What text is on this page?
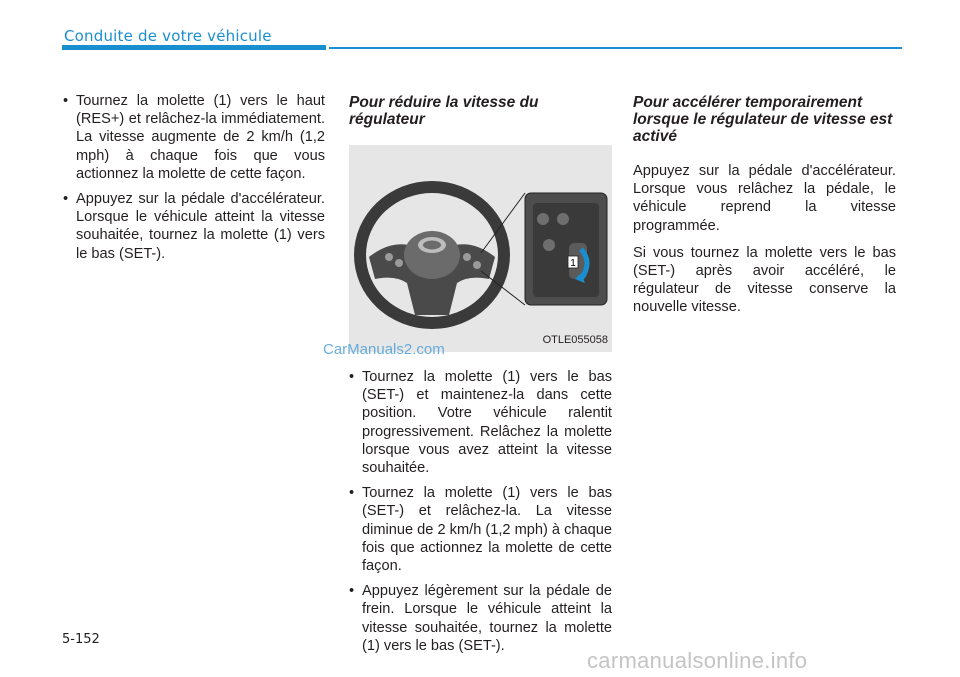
Conduite de votre véhicule
• Tournez la molette (1) vers le haut (RES+) et relâchez-la immédiatement. La vitesse augmente de 2 km/h (1,2 mph) à chaque fois que vous actionnez la molette de cette façon.
• Appuyez sur la pédale d'accélérateur. Lorsque le véhicule atteint la vitesse souhaitée, tournez la molette (1) vers le bas (SET-).
Pour réduire la vitesse du régulateur
1
OTLE055058
• Tournez la molette (1) vers le bas (SET-) et maintenez-la dans cette position. Votre véhicule ralentit progressivement. Relâchez la molette lorsque vous avez atteint la vitesse souhaitée.
• Tournez la molette (1) vers le bas (SET-) et relâchez-la. La vitesse diminue de 2 km/h (1,2 mph) à chaque fois que actionnez la molette de cette façon.
• Appuyez légèrement sur la pédale de frein. Lorsque le véhicule atteint la vitesse souhaitée, tournez la molette (1) vers le bas (SET-).
Pour accélérer temporairement lorsque le régulateur de vitesse est activé

Appuyez sur la pédale d'accélérateur. Lorsque vous relâchez la pédale, le véhicule reprend la vitesse programmée.

Si vous tournez la molette vers le bas (SET-) après avoir accéléré, le régulateur de vitesse conserve la nouvelle vitesse.

CarManuals2.com
5-152
carmanualsonline.info
